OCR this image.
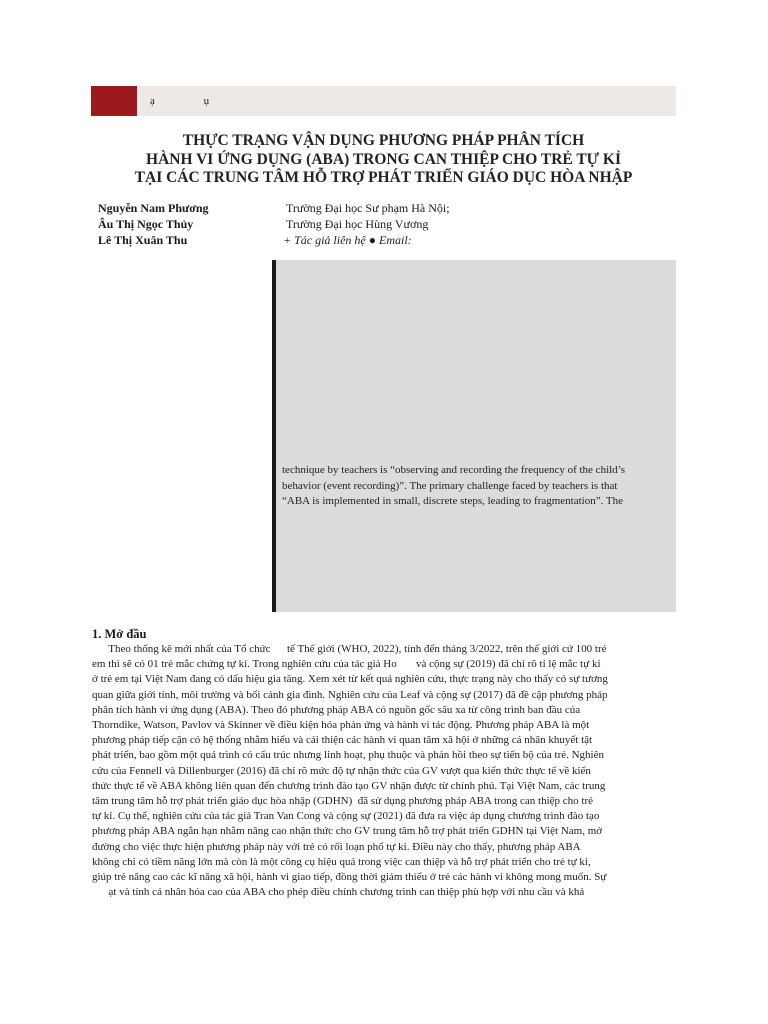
ạ ụ
THỰC TRẠNG VẬN DỤNG PHƯƠNG PHÁP PHÂN TÍCH
HÀNH VI ỨNG DỤNG (ABA) TRONG CAN THIỆP CHO TRẺ TỰ KỈ
TẠI CÁC TRUNG TÂM HỖ TRỢ PHÁT TRIỂN GIÁO DỤC HÒA NHẬP
Nguyễn Nam Phương	Trường Đại học Sư phạm Hà Nội;
Âu Thị Ngọc Thủy	Trường Đại học Hùng Vương
Lê Thị Xuân Thu	+ Tác giả liên hệ ● Email:
technique by teachers is “observing and recording the frequency of the child’s
behavior (event recording)”. The primary challenge faced by teachers is that
“ABA is implemented in small, discrete steps, leading to fragmentation”. The
1. Mở đầu
Theo thống kê mới nhất của Tổ chức      tế Thế giới (WHO, 2022), tính đến tháng 3/2022, trên thế giới cứ 100 trẻ
em thì sẽ có 01 trẻ mắc chứng tự kỉ. Trong nghiên cứu của tác giả Ho       và cộng sự (2019) đã chỉ rõ tỉ lệ mắc tự kỉ
ở trẻ em tại Việt Nam đang có dấu hiệu gia tăng. Xem xét từ kết quả nghiên cứu, thực trạng này cho thấy có sự tương
quan giữa giới tính, môi trường và bối cảnh gia đình. Nghiên cứu của Leaf và cộng sự (2017) đã đề cập phương pháp
phân tích hành vi ứng dụng (ABA). Theo đó phương pháp ABA có nguồn gốc sâu xa từ công trình ban đầu của
Thorndike, Watson, Pavlov và Skinner về điều kiện hóa phản ứng và hành vi tác động. Phương pháp ABA là một
phương pháp tiếp cận có hệ thống nhằm hiểu và cải thiện các hành vi quan tâm xã hội ở những cá nhân khuyết tật
phát triển, bao gồm một quá trình có cấu trúc nhưng linh hoạt, phụ thuộc và phản hồi theo sự tiến bộ của trẻ. Nghiên
cứu của Fennell và Dillenburger (2016) đã chỉ rõ mức độ tự nhận thức của GV vượt qua kiến thức thực tế về kiến
thức thực tế về ABA không liên quan đến chương trình đào tạo GV nhận được từ chính phủ. Tại Việt Nam, các trung
tâm trung tâm hỗ trợ phát triển giáo dục hòa nhập (GDHN)  đã sử dụng phương pháp ABA trong can thiệp cho trẻ
tự kỉ. Cụ thể, nghiên cứu của tác giả Tran Van Cong và cộng sự (2021) đã đưa ra việc áp dụng chương trình đào tạo
phương pháp ABA ngắn hạn nhằm nâng cao nhận thức cho GV trung tâm hỗ trợ phát triển GDHN tại Việt Nam, mở
đường cho việc thực hiện phương pháp này với trẻ có rối loạn phổ tự kỉ. Điều này cho thấy, phương pháp ABA
không chỉ có tiềm năng lớn mà còn là một công cụ hiệu quả trong việc can thiệp và hỗ trợ phát triển cho trẻ tự kỉ,
giúp trẻ nâng cao các kĩ năng xã hội, hành vi giao tiếp, đồng thời giảm thiểu ở trẻ các hành vi không mong muốn. Sự
ạt và tính cá nhân hóa cao của ABA cho phép điều chỉnh chương trình can thiệp phù hợp với nhu cầu và khả
